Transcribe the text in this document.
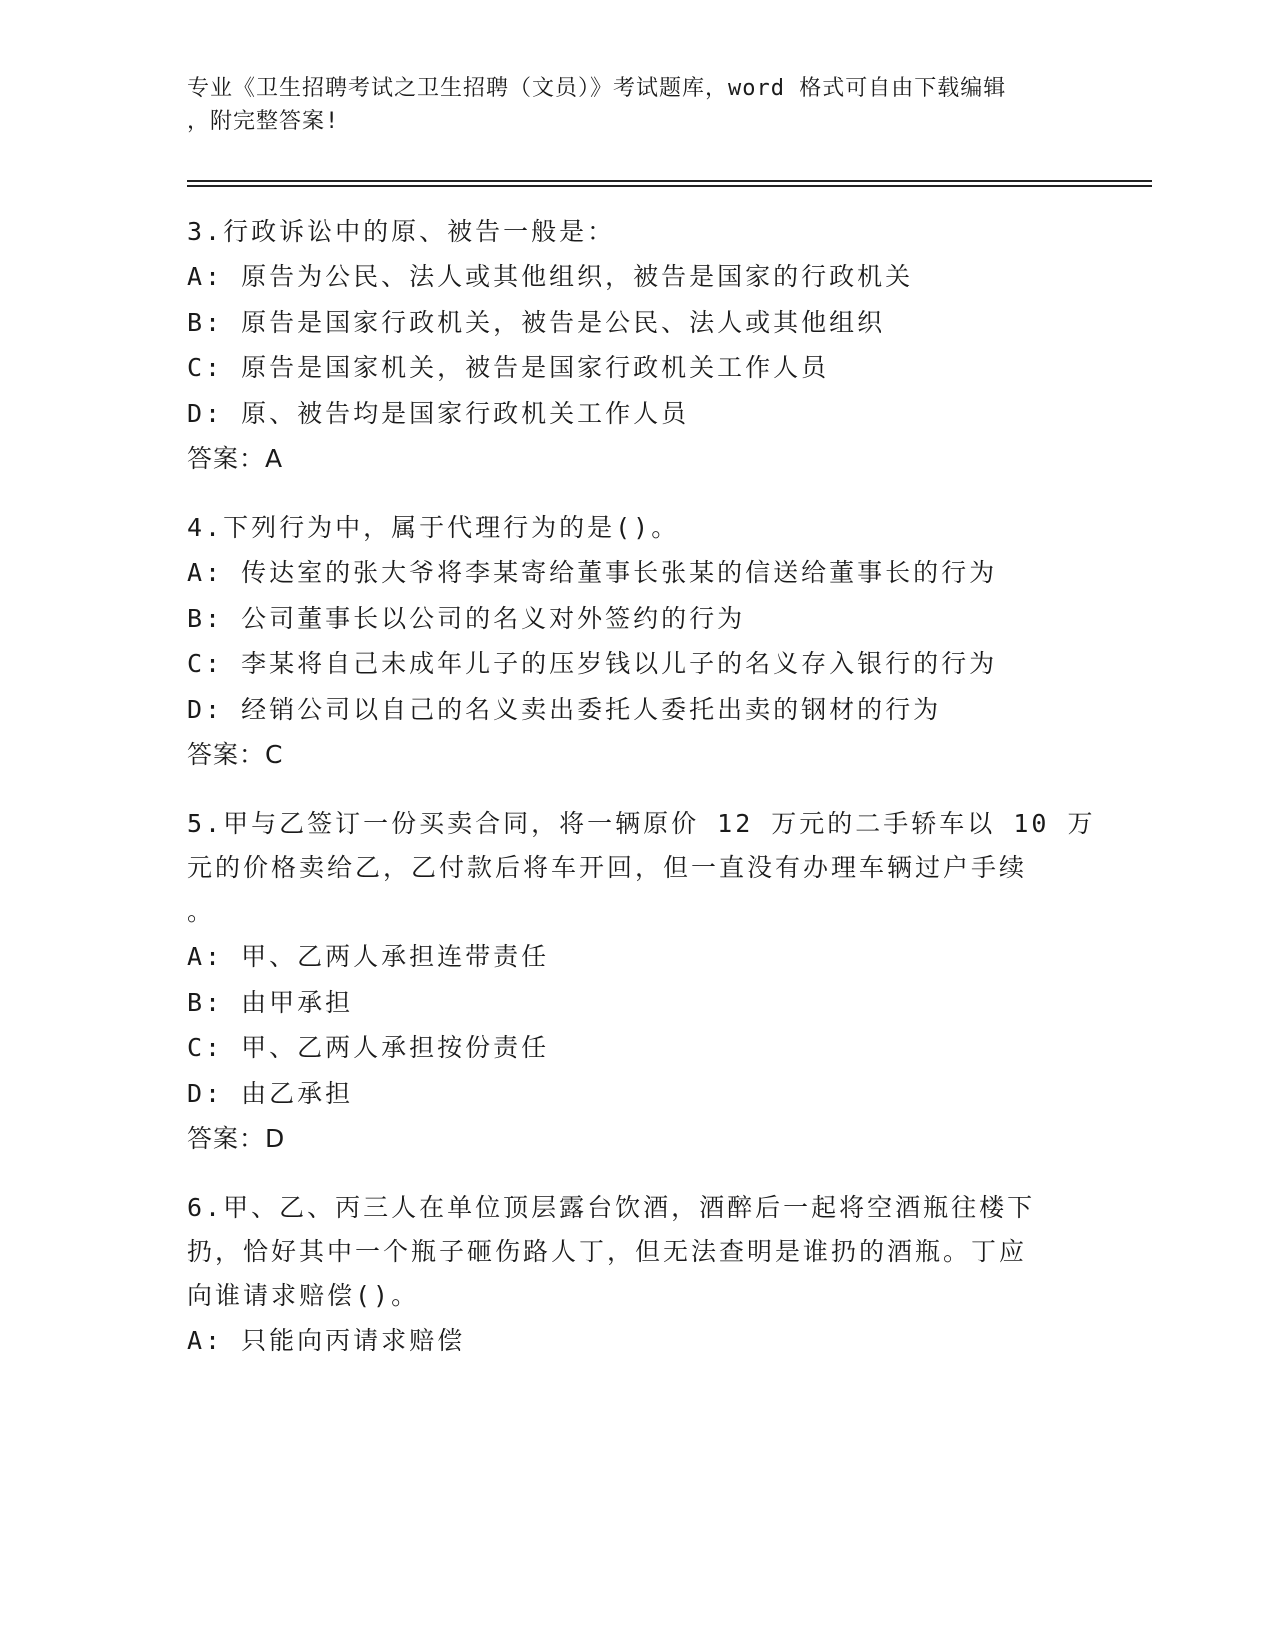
专业《卫生招聘考试之卫生招聘（文员）》考试题库，word 格式可自由下载编辑
，附完整答案!
3.行政诉讼中的原、被告一般是：
A: 原告为公民、法人或其他组织，被告是国家的行政机关
B: 原告是国家行政机关，被告是公民、法人或其他组织
C: 原告是国家机关，被告是国家行政机关工作人员
D: 原、被告均是国家行政机关工作人员
答案：A
4.下列行为中，属于代理行为的是()。
A: 传达室的张大爷将李某寄给董事长张某的信送给董事长的行为
B: 公司董事长以公司的名义对外签约的行为
C: 李某将自己未成年儿子的压岁钱以儿子的名义存入银行的行为
D: 经销公司以自己的名义卖出委托人委托出卖的钢材的行为
答案：C
5.甲与乙签订一份买卖合同，将一辆原价 12 万元的二手轿车以 10 万
元的价格卖给乙，乙付款后将车开回，但一直没有办理车辆过户手续
。
A: 甲、乙两人承担连带责任
B: 由甲承担
C: 甲、乙两人承担按份责任
D: 由乙承担
答案：D
6.甲、乙、丙三人在单位顶层露台饮酒，酒醉后一起将空酒瓶往楼下
扔，恰好其中一个瓶子砸伤路人丁，但无法查明是谁扔的酒瓶。丁应
向谁请求赔偿()。
A: 只能向丙请求赔偿
